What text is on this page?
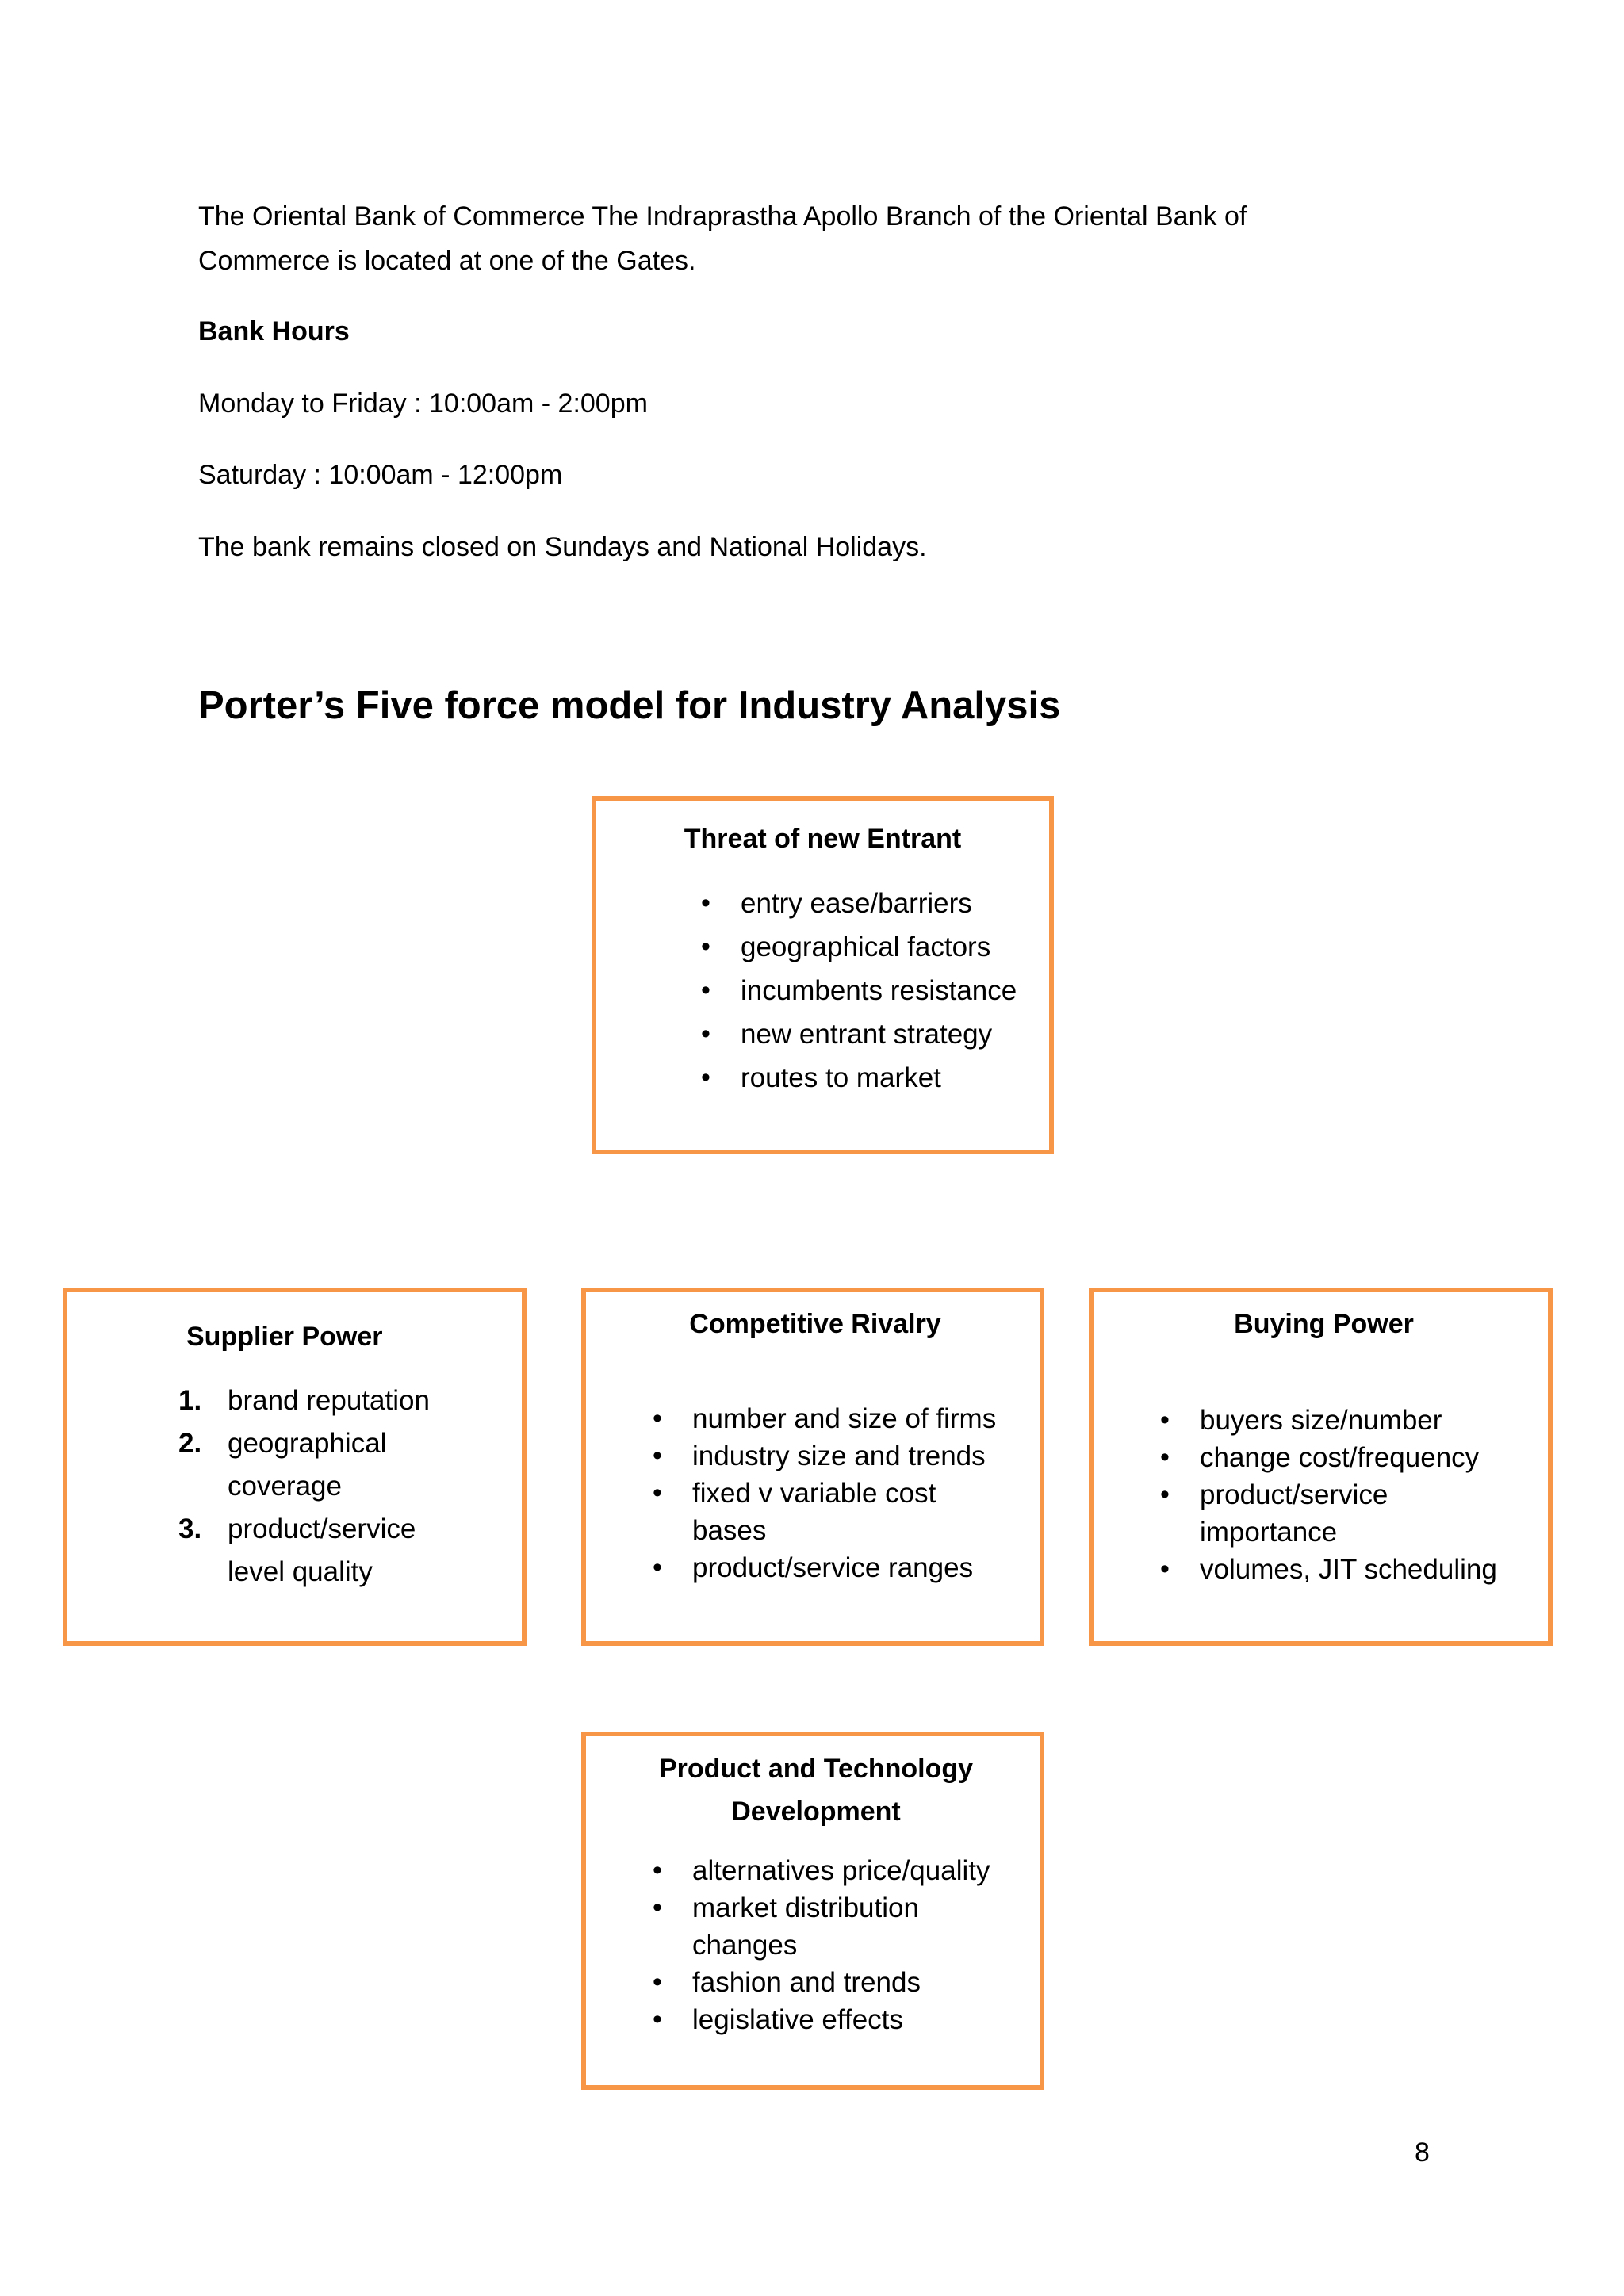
The Oriental Bank of Commerce The Indraprastha Apollo Branch of the Oriental Bank of
Commerce is located at one of the Gates.

Bank Hours

Monday to Friday : 10:00am - 2:00pm

Saturday : 10:00am - 12:00pm

The bank remains closed on Sundays and National Holidays.

Porter’s Five force model for Industry Analysis

Threat of new Entrant

• entry ease/barriers
• geographical factors
• incumbents resistance
• new entrant strategy
• routes to market

Supplier Power

1. brand reputation
2. geographical
coverage
3. product/service
level quality

Competitive Rivalry

• number and size of firms
• industry size and trends
• fixed v variable cost
bases
• product/service ranges

Buying Power

• buyers size/number
• change cost/frequency
• product/service
importance
• volumes, JIT scheduling

Product and Technology
Development

• alternatives price/quality
• market distribution
changes
• fashion and trends
• legislative effects
8
